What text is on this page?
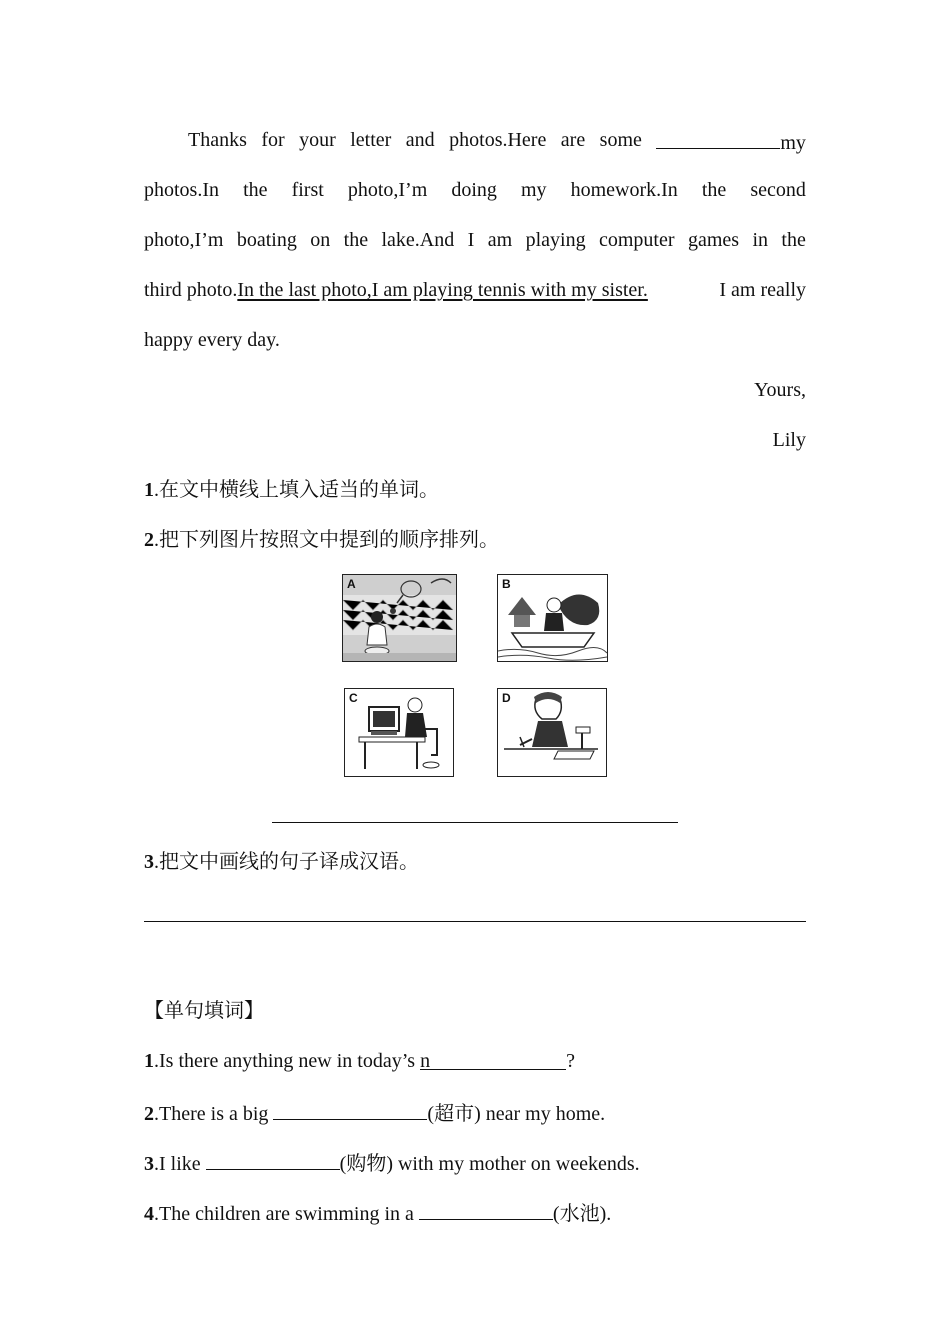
Thanks for your letter and photos.Here are some	my
photos.In the first photo,I’m doing my homework.In the second
photo,I’m boating on the lake.And I am playing computer games in the
third photo.In the last photo,I am playing tennis with my sister.	I am really
happy every day.
Yours,
Lily
1.在文中横线上填入适当的单词。
2.把下列图片按照文中提到的顺序排列。
A	B
C	D
3.把文中画线的句子译成汉语。
【单句填词】
1.Is there anything new in today’s n	?
2.There is a big	(超市) near my home.
3.I like	(购物) with my mother on weekends.
4.The children are swimming in a	(水池).
